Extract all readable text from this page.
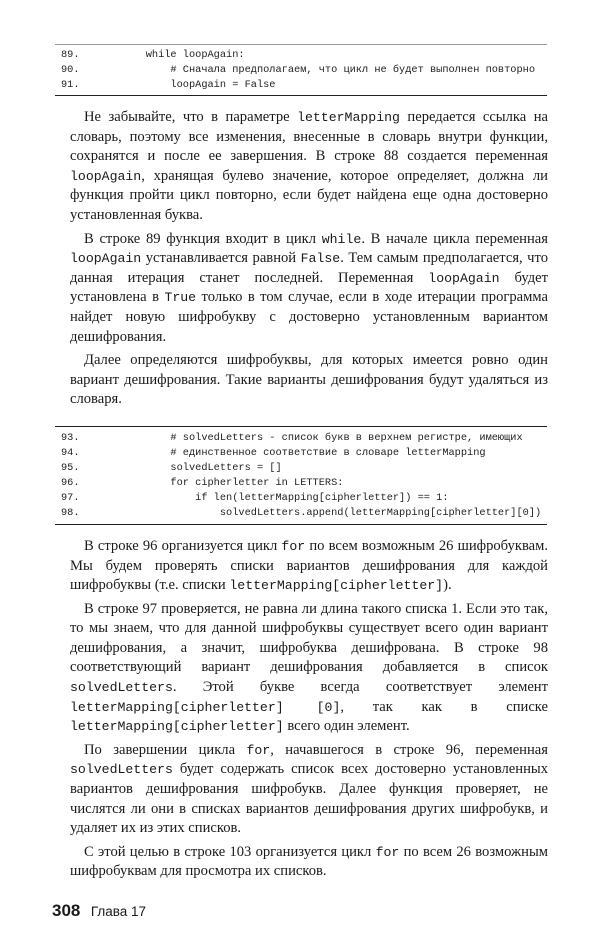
89.	while loopAgain:
90.	# Сначала предполагаем, что цикл не будет выполнен повторно
91.	loopAgain = False

Не забывайте, что в параметре letterMapping передается ссылка на словарь, поэтому все изменения, внесенные в словарь внутри функции, сохранятся и после ее завершения. В строке 88 создается переменная loopAgain, хранящая булево значение, которое определяет, должна ли функция пройти цикл повторно, если будет найдена еще одна достоверно установленная буква.

В строке 89 функция входит в цикл while. В начале цикла переменная loopAgain устанавливается равной False. Тем самым предполагается, что данная итерация станет последней. Переменная loopAgain будет установлена в True только в том случае, если в ходе итерации программа найдет новую шифробукву с достоверно установленным вариантом дешифрования.

Далее определяются шифробуквы, для которых имеется ровно один вариант дешифрования. Такие варианты дешифрования будут удаляться из словаря.

93.	# solvedLetters - список букв в верхнем регистре, имеющих
94.	# единственное соответствие в словаре letterMapping
95.	solvedLetters = []
96.	for cipherletter in LETTERS:
97.	if len(letterMapping[cipherletter]) == 1:
98.	solvedLetters.append(letterMapping[cipherletter][0])

В строке 96 организуется цикл for по всем возможным 26 шифробуквам. Мы будем проверять списки вариантов дешифрования для каждой шифробуквы (т.е. списки letterMapping[cipherletter]).

В строке 97 проверяется, не равна ли длина такого списка 1. Если это так, то мы знаем, что для данной шифробуквы существует всего один вариант дешифрования, а значит, шифробуква дешифрована. В строке 98 соответствующий вариант дешифрования добавляется в список solvedLetters. Этой букве всегда соответствует элемент letterMapping[cipherletter] [0], так как в списке letterMapping[cipherletter] всего один элемент.

По завершении цикла for, начавшегося в строке 96, переменная solvedLetters будет содержать список всех достоверно установленных вариантов дешифрования шифробукв. Далее функция проверяет, не числятся ли они в списках вариантов дешифрования других шифробукв, и удаляет их из этих списков.

С этой целью в строке 103 организуется цикл for по всем 26 возможным шифробуквам для просмотра их списков.

308 Глава 17
